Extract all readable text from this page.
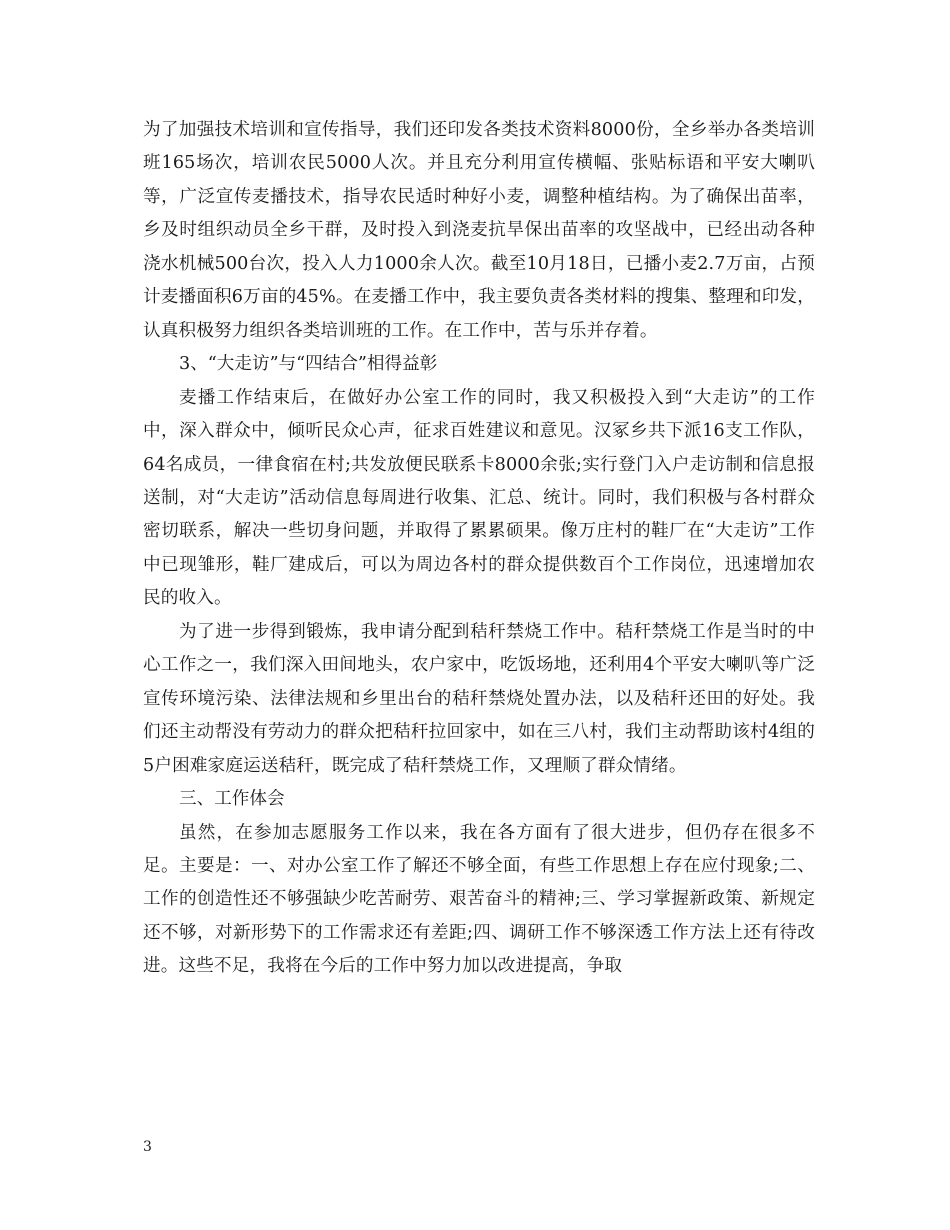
为了加强技术培训和宣传指导，我们还印发各类技术资料8000份，全乡举办各类培训班165场次，培训农民5000人次。并且充分利用宣传横幅、张贴标语和平安大喇叭等，广泛宣传麦播技术，指导农民适时种好小麦，调整种植结构。为了确保出苗率，乡及时组织动员全乡干群，及时投入到浇麦抗旱保出苗率的攻坚战中，已经出动各种浇水机械500台次，投入人力1000余人次。截至10月18日，已播小麦2.7万亩，占预计麦播面积6万亩的45%。在麦播工作中，我主要负责各类材料的搜集、整理和印发，认真积极努力组织各类培训班的工作。在工作中，苦与乐并存着。

3、“大走访”与“四结合”相得益彰

麦播工作结束后，在做好办公室工作的同时，我又积极投入到“大走访”的工作中，深入群众中，倾听民众心声，征求百姓建议和意见。汉冢乡共下派16支工作队，64名成员，一律食宿在村;共发放便民联系卡8000余张;实行登门入户走访制和信息报送制，对“大走访”活动信息每周进行收集、汇总、统计。同时，我们积极与各村群众密切联系，解决一些切身问题，并取得了累累硕果。像万庄村的鞋厂在“大走访”工作中已现雏形，鞋厂建成后，可以为周边各村的群众提供数百个工作岗位，迅速增加农民的收入。

为了进一步得到锻炼，我申请分配到秸秆禁烧工作中。秸秆禁烧工作是当时的中心工作之一，我们深入田间地头，农户家中，吃饭场地，还利用4个平安大喇叭等广泛宣传环境污染、法律法规和乡里出台的秸秆禁烧处置办法，以及秸秆还田的好处。我们还主动帮没有劳动力的群众把秸秆拉回家中，如在三八村，我们主动帮助该村4组的5户困难家庭运送秸秆，既完成了秸秆禁烧工作，又理顺了群众情绪。

三、工作体会

虽然，在参加志愿服务工作以来，我在各方面有了很大进步，但仍存在很多不足。主要是：一、对办公室工作了解还不够全面，有些工作思想上存在应付现象;二、工作的创造性还不够强缺少吃苦耐劳、艰苦奋斗的精神;三、学习掌握新政策、新规定还不够，对新形势下的工作需求还有差距;四、调研工作不够深透工作方法上还有待改进。这些不足，我将在今后的工作中努力加以改进提高，争取

3
